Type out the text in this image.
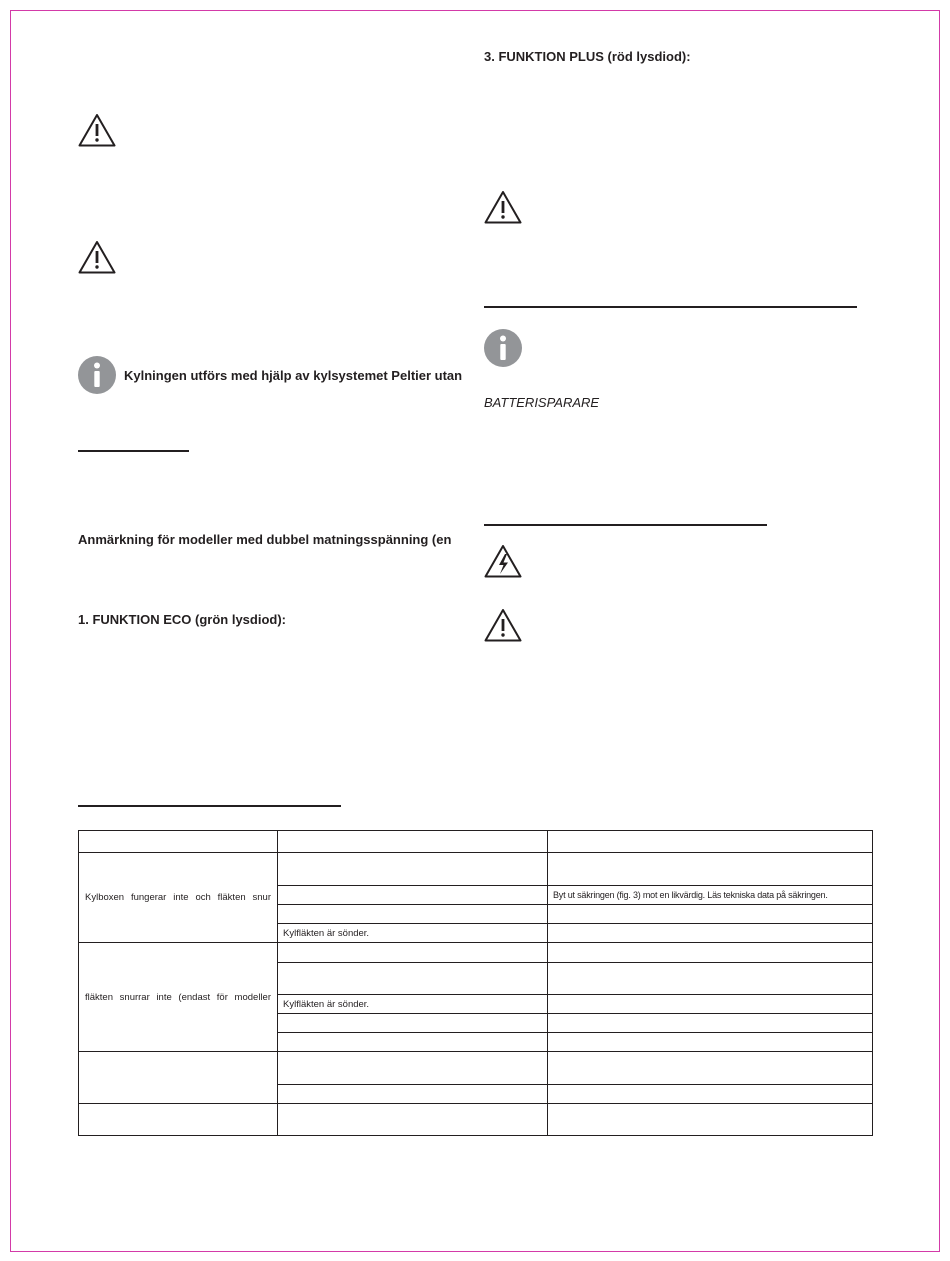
Kylningen utförs med hjälp av kylsystemet Peltier utan
Anmärkning för modeller med dubbel matningsspänning (en
1. FUNKTION ECO (grön lysdiod):
3. FUNKTION PLUS (röd lysdiod):
BATTERISPARARE

Kylboxen fungerar inte och fläkten snur		
		Byt ut säkringen (fig. 3) mot en likvärdig. Läs tekniska data på säkringen.

	Kylfläkten är sönder.	
fläkten snurrar inte (endast för modeller		

	Kylfläkten är sönder.	
